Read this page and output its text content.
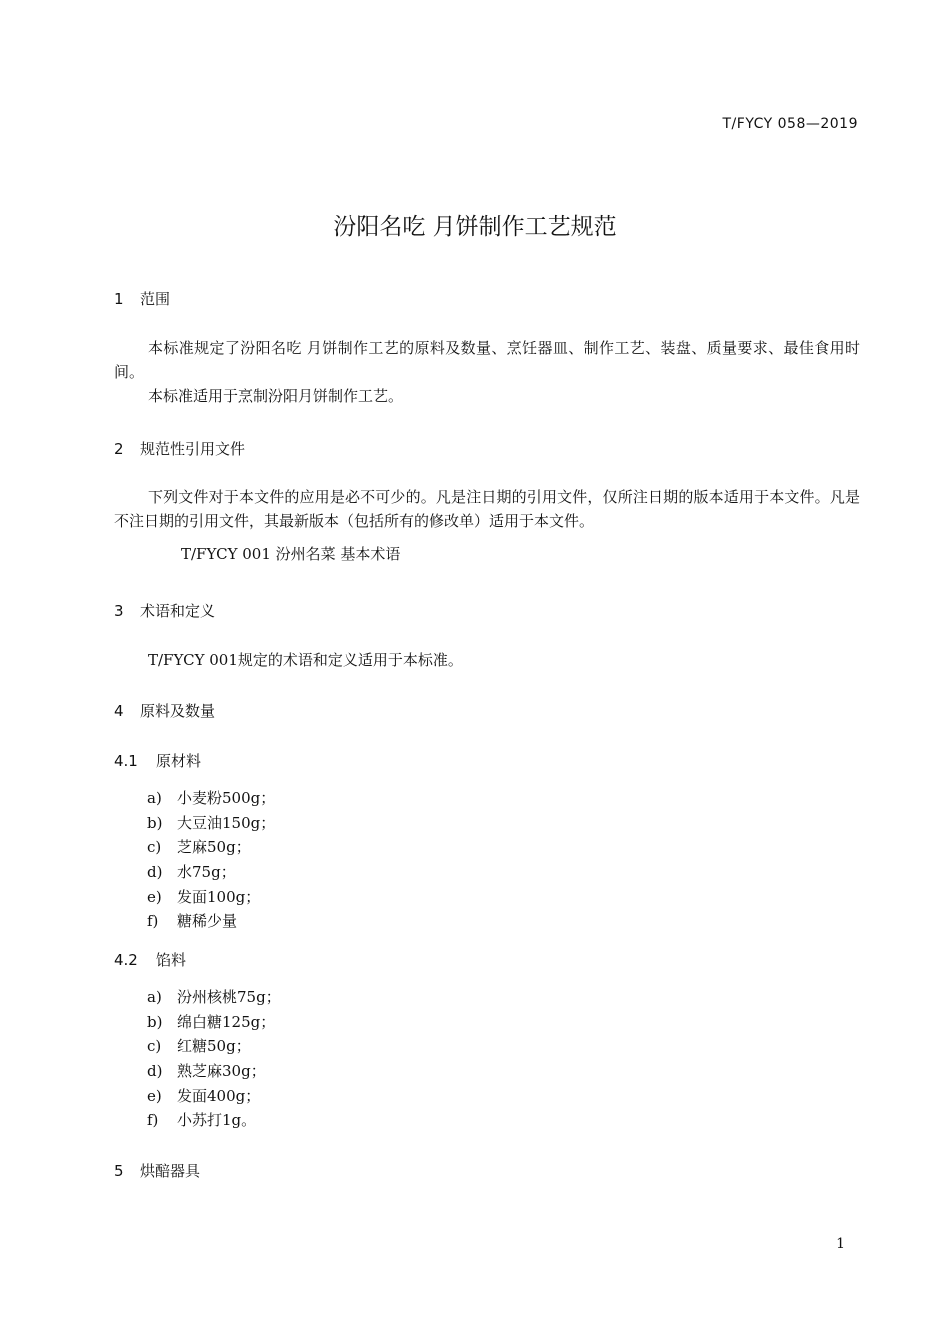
T/FYCY 058—2019
汾阳名吃 月饼制作工艺规范
1 范围
本标准规定了汾阳名吃 月饼制作工艺的原料及数量、烹饪器皿、制作工艺、装盘、质量要求、最佳食用时间。
本标准适用于烹制汾阳月饼制作工艺。
2 规范性引用文件
下列文件对于本文件的应用是必不可少的。凡是注日期的引用文件，仅所注日期的版本适用于本文件。凡是不注日期的引用文件，其最新版本（包括所有的修改单）适用于本文件。
T/FYCY 001 汾州名菜 基本术语
3 术语和定义
T/FYCY 001规定的术语和定义适用于本标准。
4 原料及数量
4.1 原材料
a) 小麦粉500g；
b) 大豆油150g；
c) 芝麻50g；
d) 水75g；
e) 发面100g；
f) 糖稀少量
4.2 馅料
a) 汾州核桃75g；
b) 绵白糖125g；
c) 红糖50g；
d) 熟芝麻30g；
e) 发面400g；
f) 小苏打1g。
5 烘醅器具
1
